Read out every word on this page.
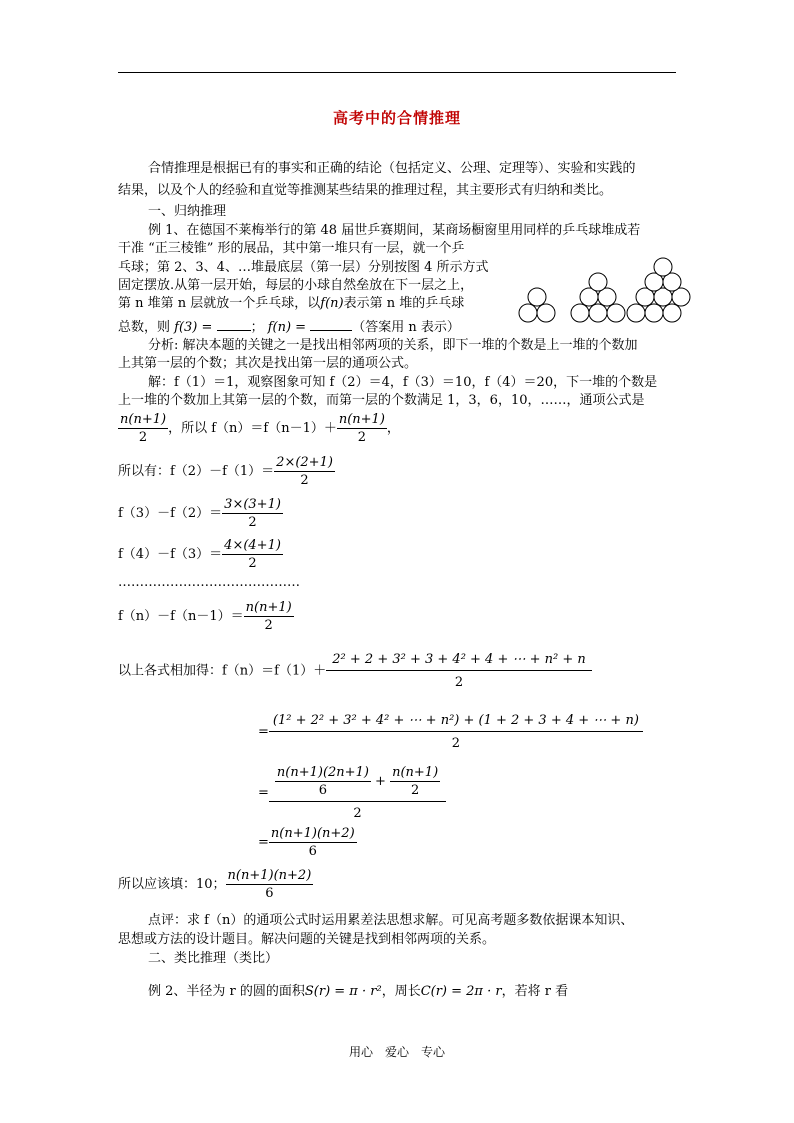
高考中的合情推理
合情推理是根据已有的事实和正确的结论（包括定义、公理、定理等）、实验和实践的
结果，以及个人的经验和直觉等推测某些结果的推理过程，其主要形式有归纳和类比。
一、归纳推理
例 1、在德国不莱梅举行的第 48 届世乒赛期间，某商场橱窗里用同样的乒乓球堆成若
干准 “正三棱锥” 形的展品，其中第一堆只有一层，就一个乒
乓球；第 2、3、4、…堆最底层（第一层）分别按图 4 所示方式
固定摆放.从第一层开始，每层的小球自然垒放在下一层之上，
第 n 堆第 n 层就放一个乒乓球，以f(n)表示第 n 堆的乒乓球
总数，则 f(3) =	； f(n) =	（答案用 n 表示）
分析: 解决本题的关键之一是找出相邻两项的关系，即下一堆的个数是上一堆的个数加
上其第一层的个数；其次是找出第一层的通项公式。
解：f（1）＝1，观察图象可知 f（2）＝4，f（3）＝10，f（4）＝20，下一堆的个数是
上一堆的个数加上其第一层的个数，而第一层的个数满足 1，3，6，10，……，通项公式是
$\frac{n(n+1)}{2}$ ，所以 $f(n)=f(n-1)+ \frac{n(n+1)}{2}$ ，
所以有：$f(2)-f(1)= \frac{2\times(2+1)}{2}$
$f(3)-f(2)= \frac{3\times(3+1)}{2}$
$f(4)-f(3)= \frac{4\times(4+1)}{2}$
……………………………………
$f(n)-f(n-1)= \frac{n(n+1)}{2}$
以上各式相加得：$f(n)=f(1)+ \frac{\text{2² + 2 + 3² + 3 + 4² + 4 + ⋯ + n² + n}}{2}$
= $\frac{\text{(1² + 2² + 3² + 4² + ⋯ + n²) + (1 + 2 + 3 + 4 + ⋯ + n)}}{2}$
= $\frac{\frac{n(n+1)(2n+1)}{6} + \frac{n(n+1)}{2}}{2}$
= $\frac{n(n+1)(n+2)}{6}$
所以应该填：10； $\frac{n(n+1)(n+2)}{6}$
点评：求 f（n）的通项公式时运用累差法思想求解。可见高考题多数依据课本知识、
思想或方法的设计题目。解决问题的关键是找到相邻两项的关系。
二、类比推理（类比）
例 2、半径为 r 的圆的面积S(r) = π · r²，周长C(r) = 2π · r，若将 r 看
用心　爱心　专心
